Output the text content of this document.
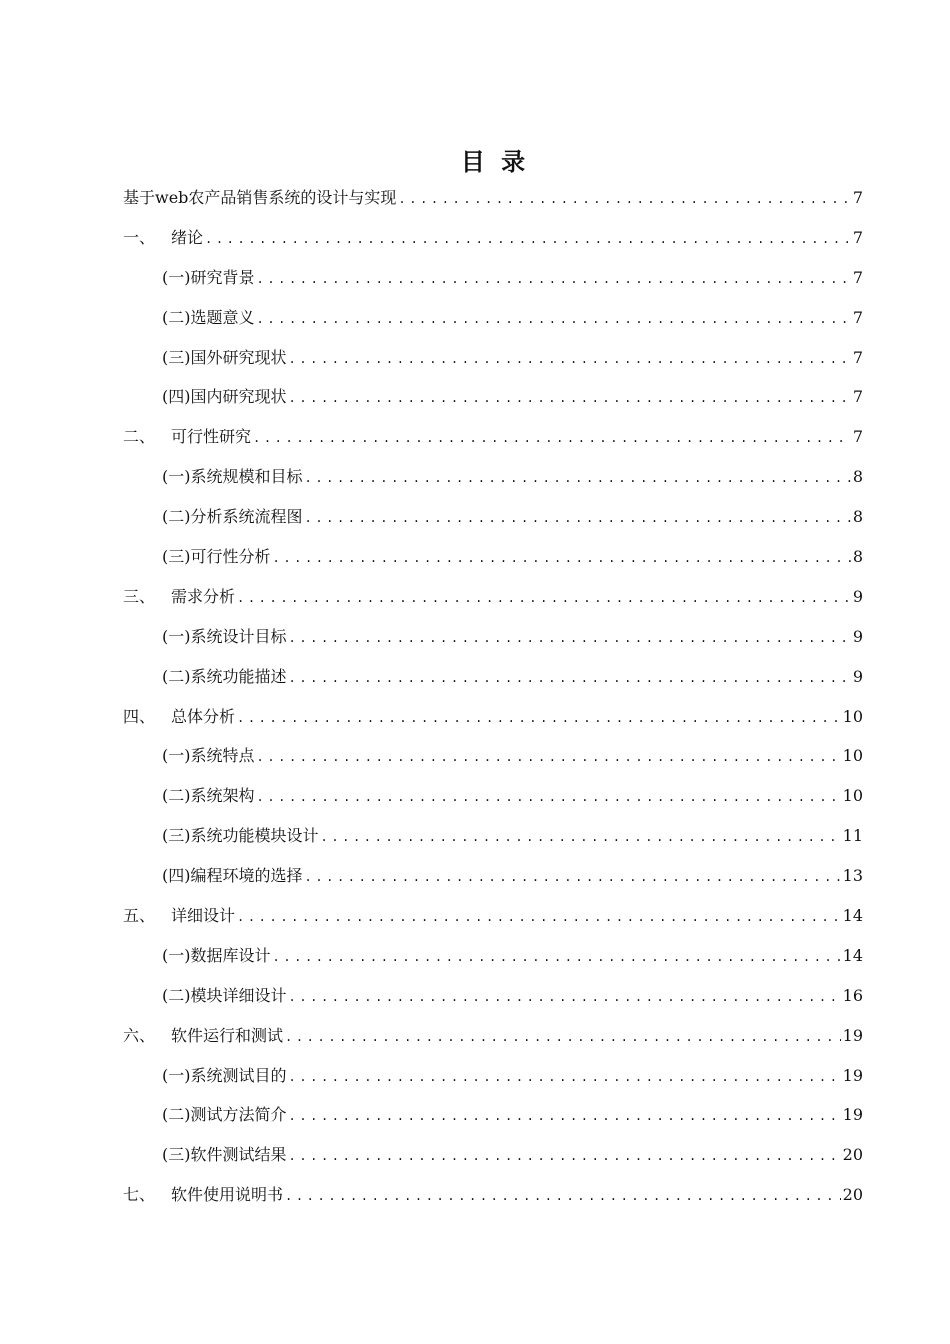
目 录
基于web农产品销售系统的设计与实现 .....	7
一、 绪论 .....	7
(一)研究背景 .....	7
(二)选题意义 .....	7
(三)国外研究现状 .....	7
(四)国内研究现状 .....	7
二、 可行性研究 .....	7
(一)系统规模和目标 .....	8
(二)分析系统流程图 .....	8
(三)可行性分析 .....	8
三、 需求分析 .....	9
(一)系统设计目标 .....	9
(二)系统功能描述 .....	9
四、 总体分析 .....	10
(一)系统特点 .....	10
(二)系统架构 .....	10
(三)系统功能模块设计 .....	11
(四)编程环境的选择 .....	13
五、 详细设计 .....	14
(一)数据库设计 .....	14
(二)模块详细设计 .....	16
六、 软件运行和测试 .....	19
(一)系统测试目的 .....	19
(二)测试方法简介 .....	19
(三)软件测试结果 .....	20
七、 软件使用说明书 .....	20
